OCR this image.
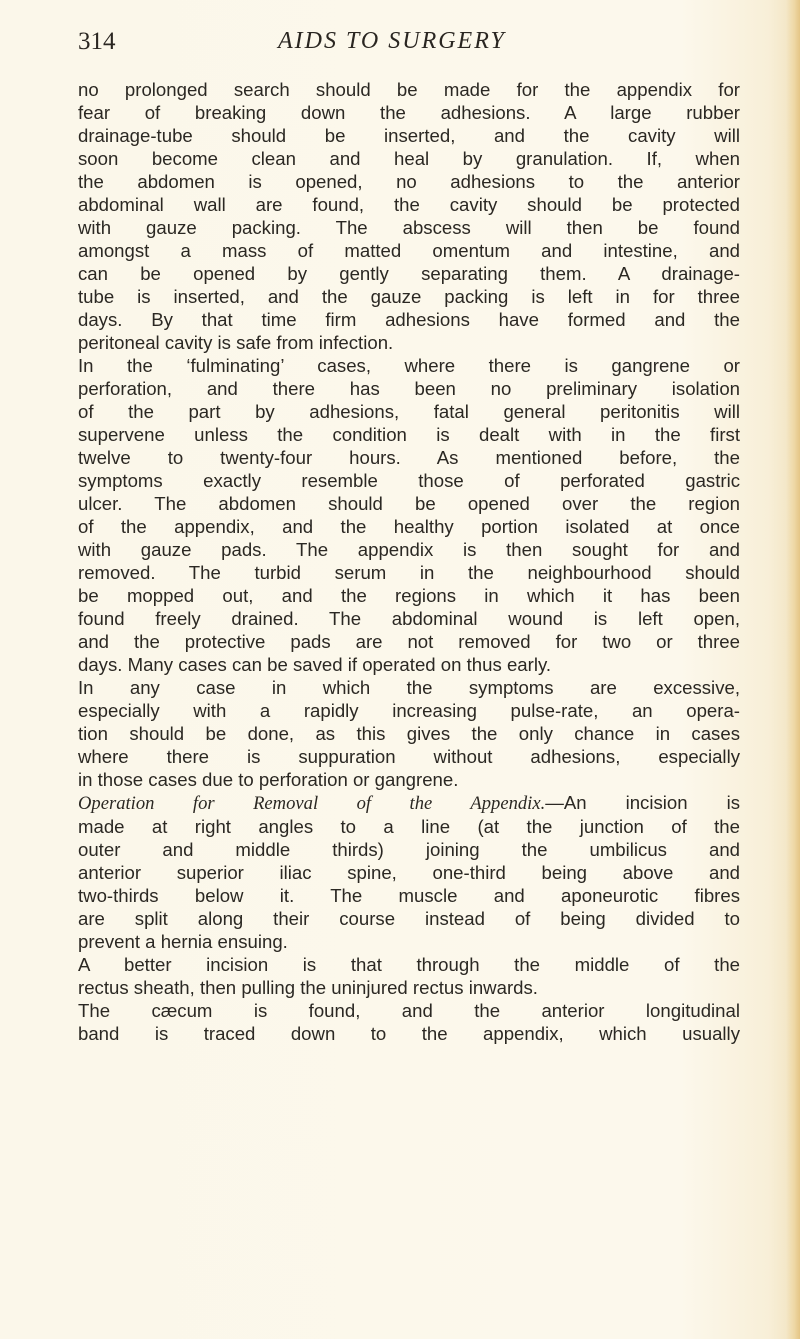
314	AIDS TO SURGERY
no prolonged search should be made for the appendix for
fear of breaking down the adhesions. A large rubber
drainage-tube should be inserted, and the cavity will
soon become clean and heal by granulation. If, when
the abdomen is opened, no adhesions to the anterior
abdominal wall are found, the cavity should be protected
with gauze packing. The abscess will then be found
amongst a mass of matted omentum and intestine, and
can be opened by gently separating them. A drainage-
tube is inserted, and the gauze packing is left in for three
days. By that time firm adhesions have formed and the
peritoneal cavity is safe from infection.
In the ‘fulminating’ cases, where there is gangrene or
perforation, and there has been no preliminary isolation
of the part by adhesions, fatal general peritonitis will
supervene unless the condition is dealt with in the first
twelve to twenty-four hours. As mentioned before, the
symptoms exactly resemble those of perforated gastric
ulcer. The abdomen should be opened over the region
of the appendix, and the healthy portion isolated at once
with gauze pads. The appendix is then sought for and
removed. The turbid serum in the neighbourhood should
be mopped out, and the regions in which it has been
found freely drained. The abdominal wound is left open,
and the protective pads are not removed for two or three
days. Many cases can be saved if operated on thus early.
In any case in which the symptoms are excessive,
especially with a rapidly increasing pulse-rate, an opera-
tion should be done, as this gives the only chance in cases
where there is suppuration without adhesions, especially
in those cases due to perforation or gangrene.
Operation for Removal of the Appendix.—An incision is
made at right angles to a line (at the junction of the
outer and middle thirds) joining the umbilicus and
anterior superior iliac spine, one-third being above and
two-thirds below it. The muscle and aponeurotic fibres
are split along their course instead of being divided to
prevent a hernia ensuing.
A better incision is that through the middle of the
rectus sheath, then pulling the uninjured rectus inwards.
The cæcum is found, and the anterior longitudinal
band is traced down to the appendix, which usually
